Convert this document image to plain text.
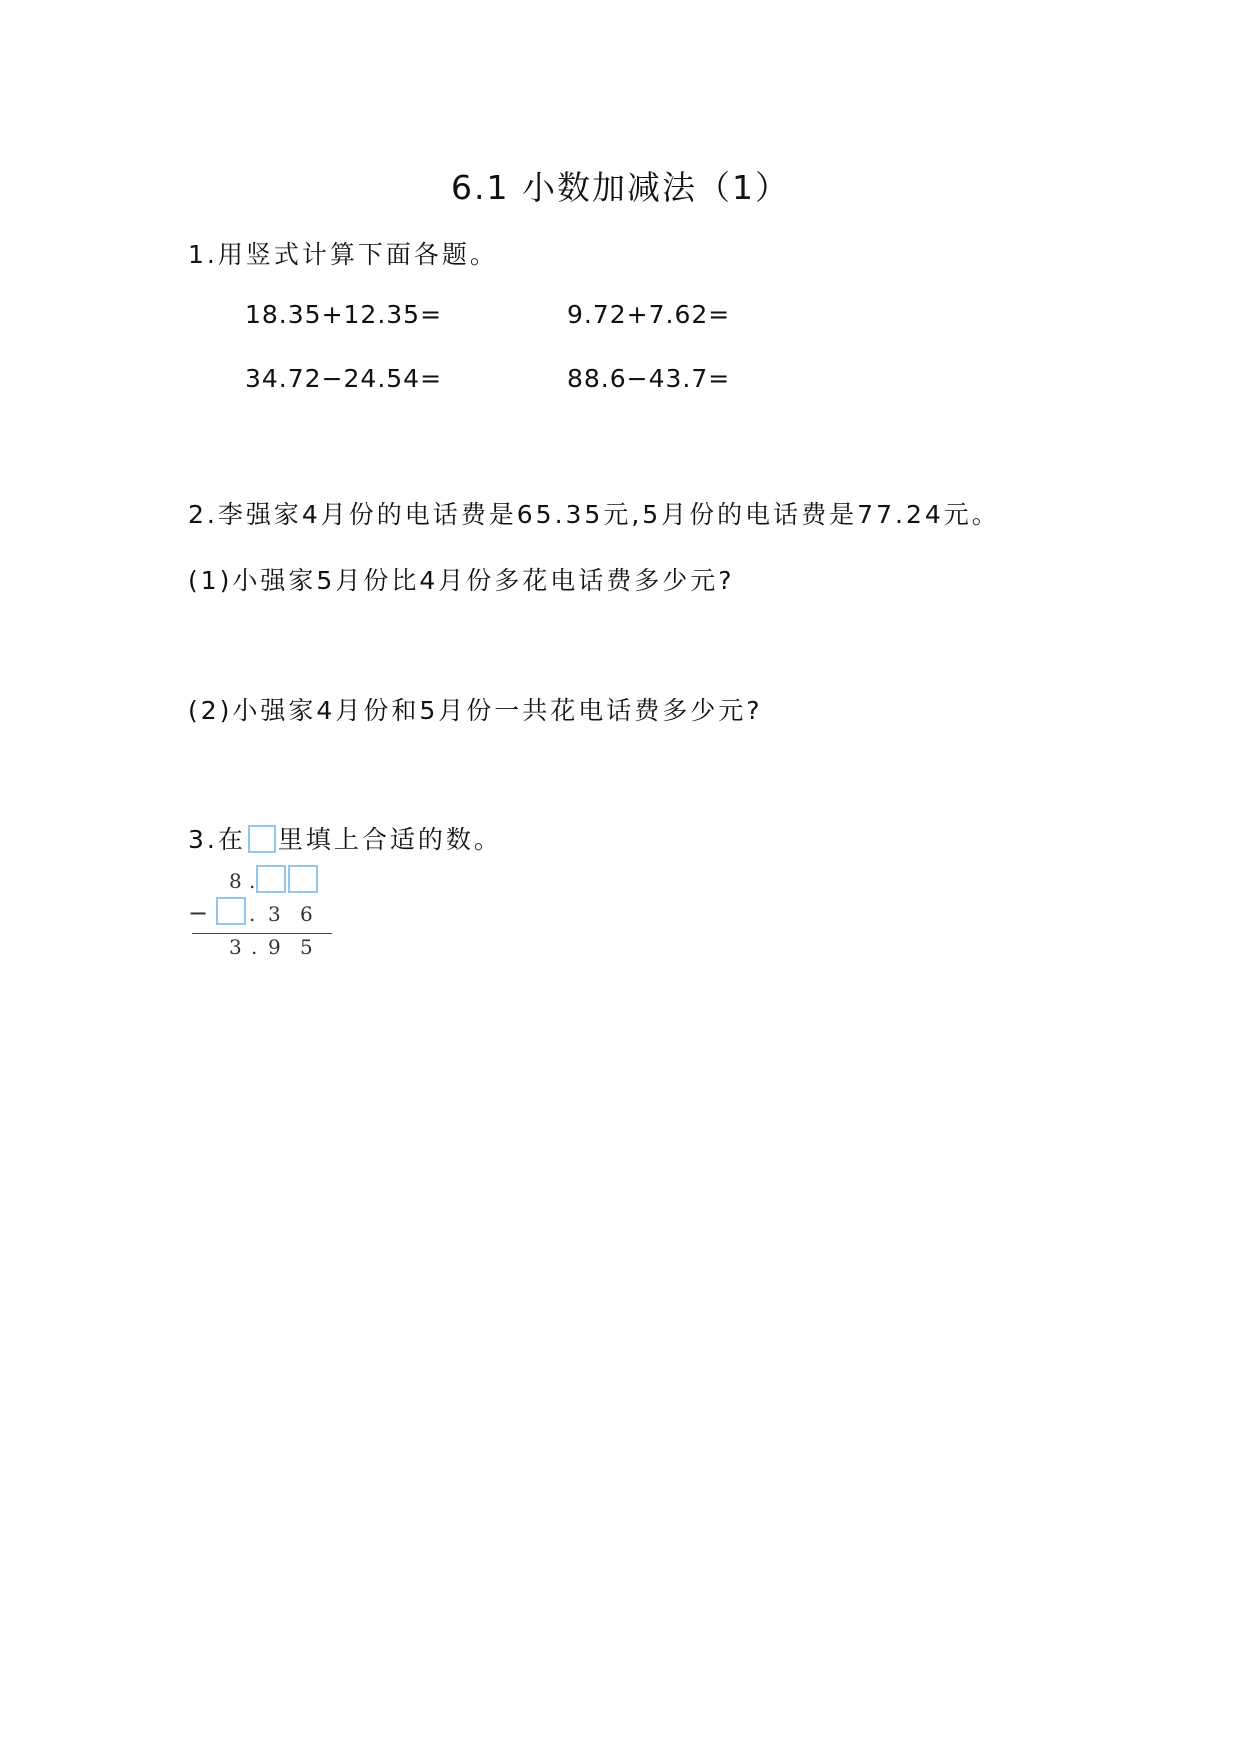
6.1 小数加减法（1）
1.用竖式计算下面各题。
18.35+12.35=	9.72+7.62=
34.72−24.54=	88.6−43.7=
2.李强家4月份的电话费是65.35元,5月份的电话费是77.24元。
(1)小强家5月份比4月份多花电话费多少元?
(2)小强家4月份和5月份一共花电话费多少元?
3.在 里填上合适的数。
8 .
− . 3 6
3 . 9 5
